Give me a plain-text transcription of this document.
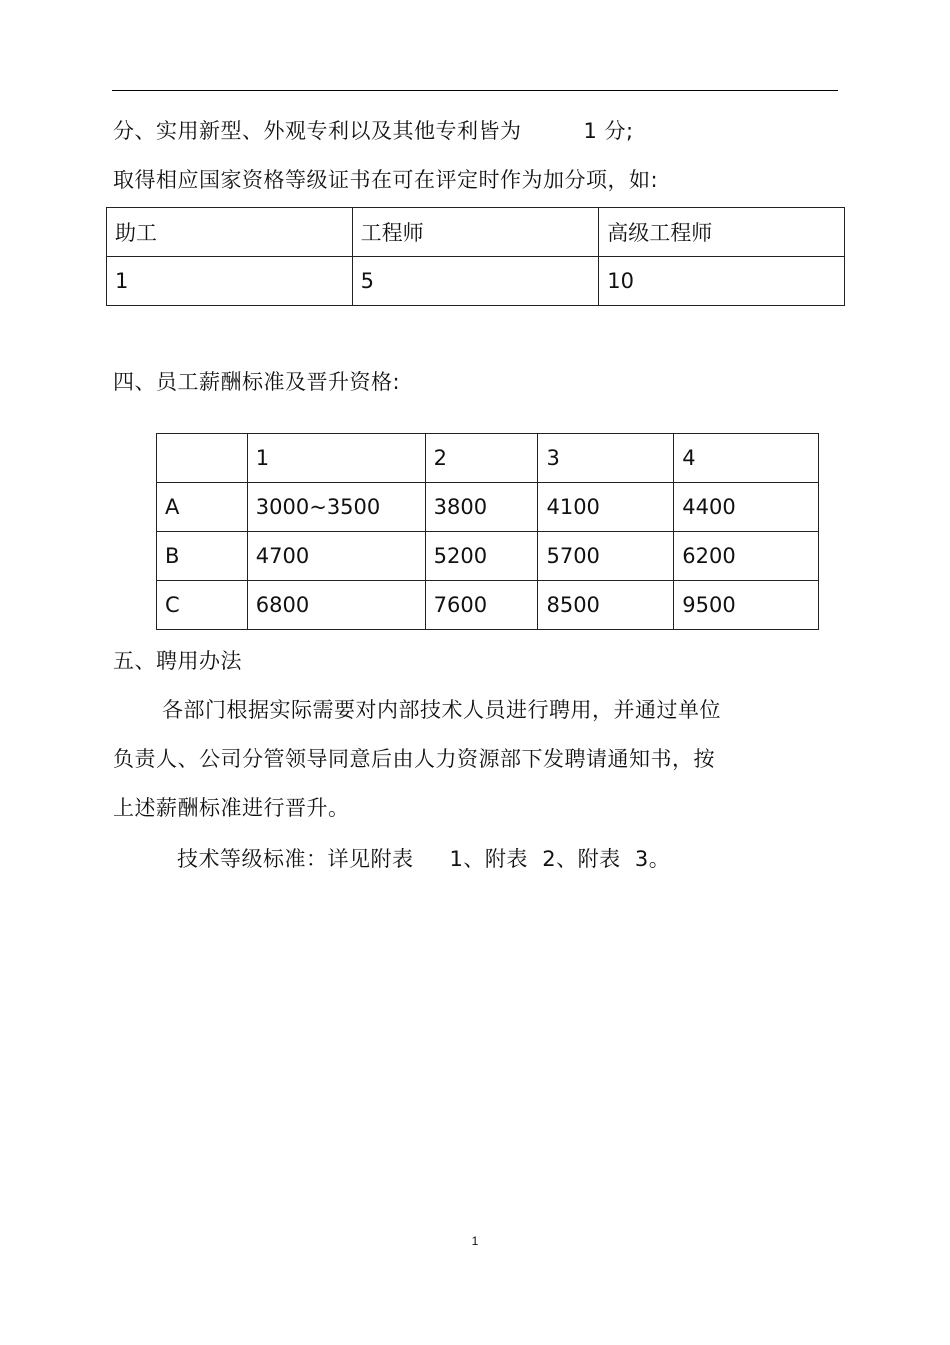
分、实用新型、外观专利以及其他专利皆为	1 分;
取得相应国家资格等级证书在可在评定时作为加分项，如:
助工	工程师	高级工程师
1	5	10
四、员工薪酬标准及晋升资格:
	1	2	3	4
A	3000~3500	3800	4100	4400
B	4700	5200	5700	6200
C	6800	7600	8500	9500
五、聘用办法
各部门根据实际需要对内部技术人员进行聘用，并通过单位
负责人、公司分管领导同意后由人力资源部下发聘请通知书，按
上述薪酬标准进行晋升。
技术等级标准：详见附表 1、附表  2、附表  3。
1
